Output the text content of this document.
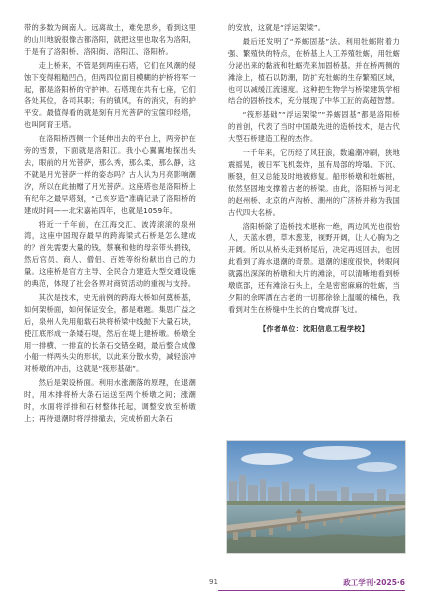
带的多数为闽南人。远离故土，难免思乡，看到这里的山川地貌很像古都洛阳，就把这里也取名为洛阳，于是有了洛阳桥、洛阳街、洛阳江、洛阳桥。

走上桥来，不管是到两座石塔，它们在风潮的侵蚀下变得粗糙凹凸，但两四位面目模糊的护桥将军一起，都是洛阳桥的守护神。石塔现在共有七座，它们各处其位，各司其职；有的镇风，有的消灾，有的护平安。最值得看的就是刻有月光菩萨的宝箧印经塔，也叫阿育王塔。

在洛阳桥西侧一个延伸出去的平台上，两旁护在旁的雪景，下面就是洛阳江。我小心翼翼地探出头去，眼前的月光菩萨，那么秀，那么柔，那么静，这不就是月光菩萨一样的姿态吗？古人认为月亮影响潮汐，所以在此抽赠了月光菩萨。这座塔也是洛阳桥上有纪年之最早塔刻，“己亥岁造”准确记录了洛阳桥的建成时间——北宋嘉祐四年，也就是1059年。

将近一千年前，在江海交汇、波涛滚滚的泉州湾，这座中国现存最早的跨海梁式石桥是怎么建成的？首先需要大量的钱，蔡襄和他的母亲带头捐钱，然后官员、商人、僧侣、百姓等纷纷献出自己的力量。这座桥是官方主导、全民合力建造大型交通设施的典范，体现了社会各界对商贸活动的重视与支持。

其次是技术，史无前例的跨海大桥如何奠桥基，如何架桥面，如何保证安全，都是难题。集思广益之后，泉州人先用船载石块将桥梁中线抛下大量石块，使江底形成一条矮石堤，然后在堤上建桥墩。桥墩全用一排横、一排直的长条石交错垒砌，最后整合成像小船一样两头尖的形状，以此来分散水势，减轻浪冲对桥墩的冲击，这就是“筏形基础”。

然后是架设桥面。利用水涨潮落的原理，在退潮时，用木排将桥大条石运送至两个桥墩之间；涨潮时，水面将浮排和石材整体托起，调整安放至桥墩上；再待退潮时将浮排撤去，完成桥面大条石

的安放，这就是“浮运架梁”。

最后还发明了“养蛎固基”法。利用牡蛎附着力强、繁殖快的特点，在桥基上人工养殖牡蛎，用牡蛎分泌出来的黏液和牡蛎壳来加固桥基。并在桥两侧的滩涂上，植石以防潮，防扩充牡蛎的生存繁殖区域，也可以减缓江流速度。这种把生物学与桥梁建筑学相结合的固桥技术，充分展现了中华工匠的高超智慧。

“筏形基础”“浮运架梁”“养蛎固基”都是洛阳桥的首创，代表了当时中国最先进的造桥技术，是古代大型石桥建造工程的杰作。

一千年来，它历经了风狂浪，数遍潮冲刷，狭地震摇晃，被日军飞机轰炸，虽有局部的垮塌、下沉、断裂，但又总能及时地被修复。船形桥墩和牡蛎桩，依然坚固地支撑着古老的桥梁。由此，洛阳桥与河北的赵州桥、北京的卢沟桥、潮州的广济桥并称为我国古代四大名桥。

洛阳桥除了造桥技术堪称一绝，两边风光也很怡人，天蓝水碧，草木葱茏，视野开阔，让人心胸为之开阔。所以从桥头走到桥尾后，决定再返回去，也因此看到了海水退潮的奇景。退潮的速度很快，转眼间就露出深深的桥墩和大片的滩涂，可以清晰地看到桥墩底部，还有滩涂石头上，全是密密麻麻的牡蛎，当夕阳的余晖洒在古老的一切都徐徐上温暖的橘色，我看到对生在桥缝中生长的白鹭成群飞过。

【作者单位：沈阳信息工程学校】
91	政工学刊·2025·6
